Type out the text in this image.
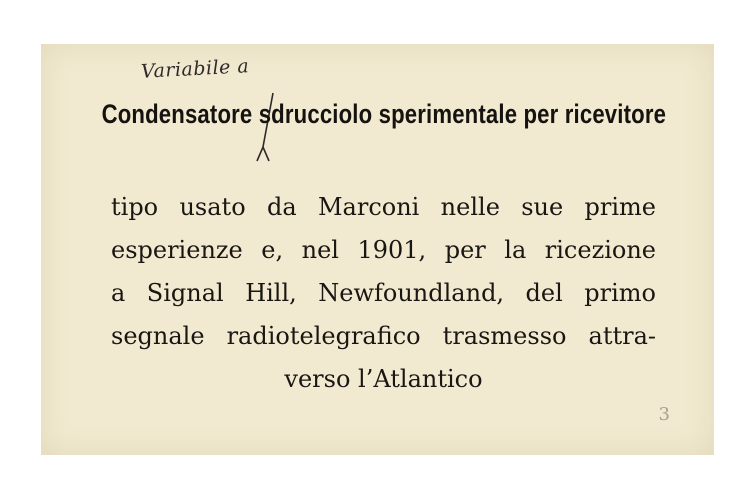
Variabile a
Condensatore sdrucciolo sperimentale per ricevitore
tipo usato da Marconi nelle sue prime
esperienze e, nel 1901, per la ricezione
a Signal Hill, Newfoundland, del primo
segnale radiotelegrafico trasmesso attra-
verso l’Atlantico
3
